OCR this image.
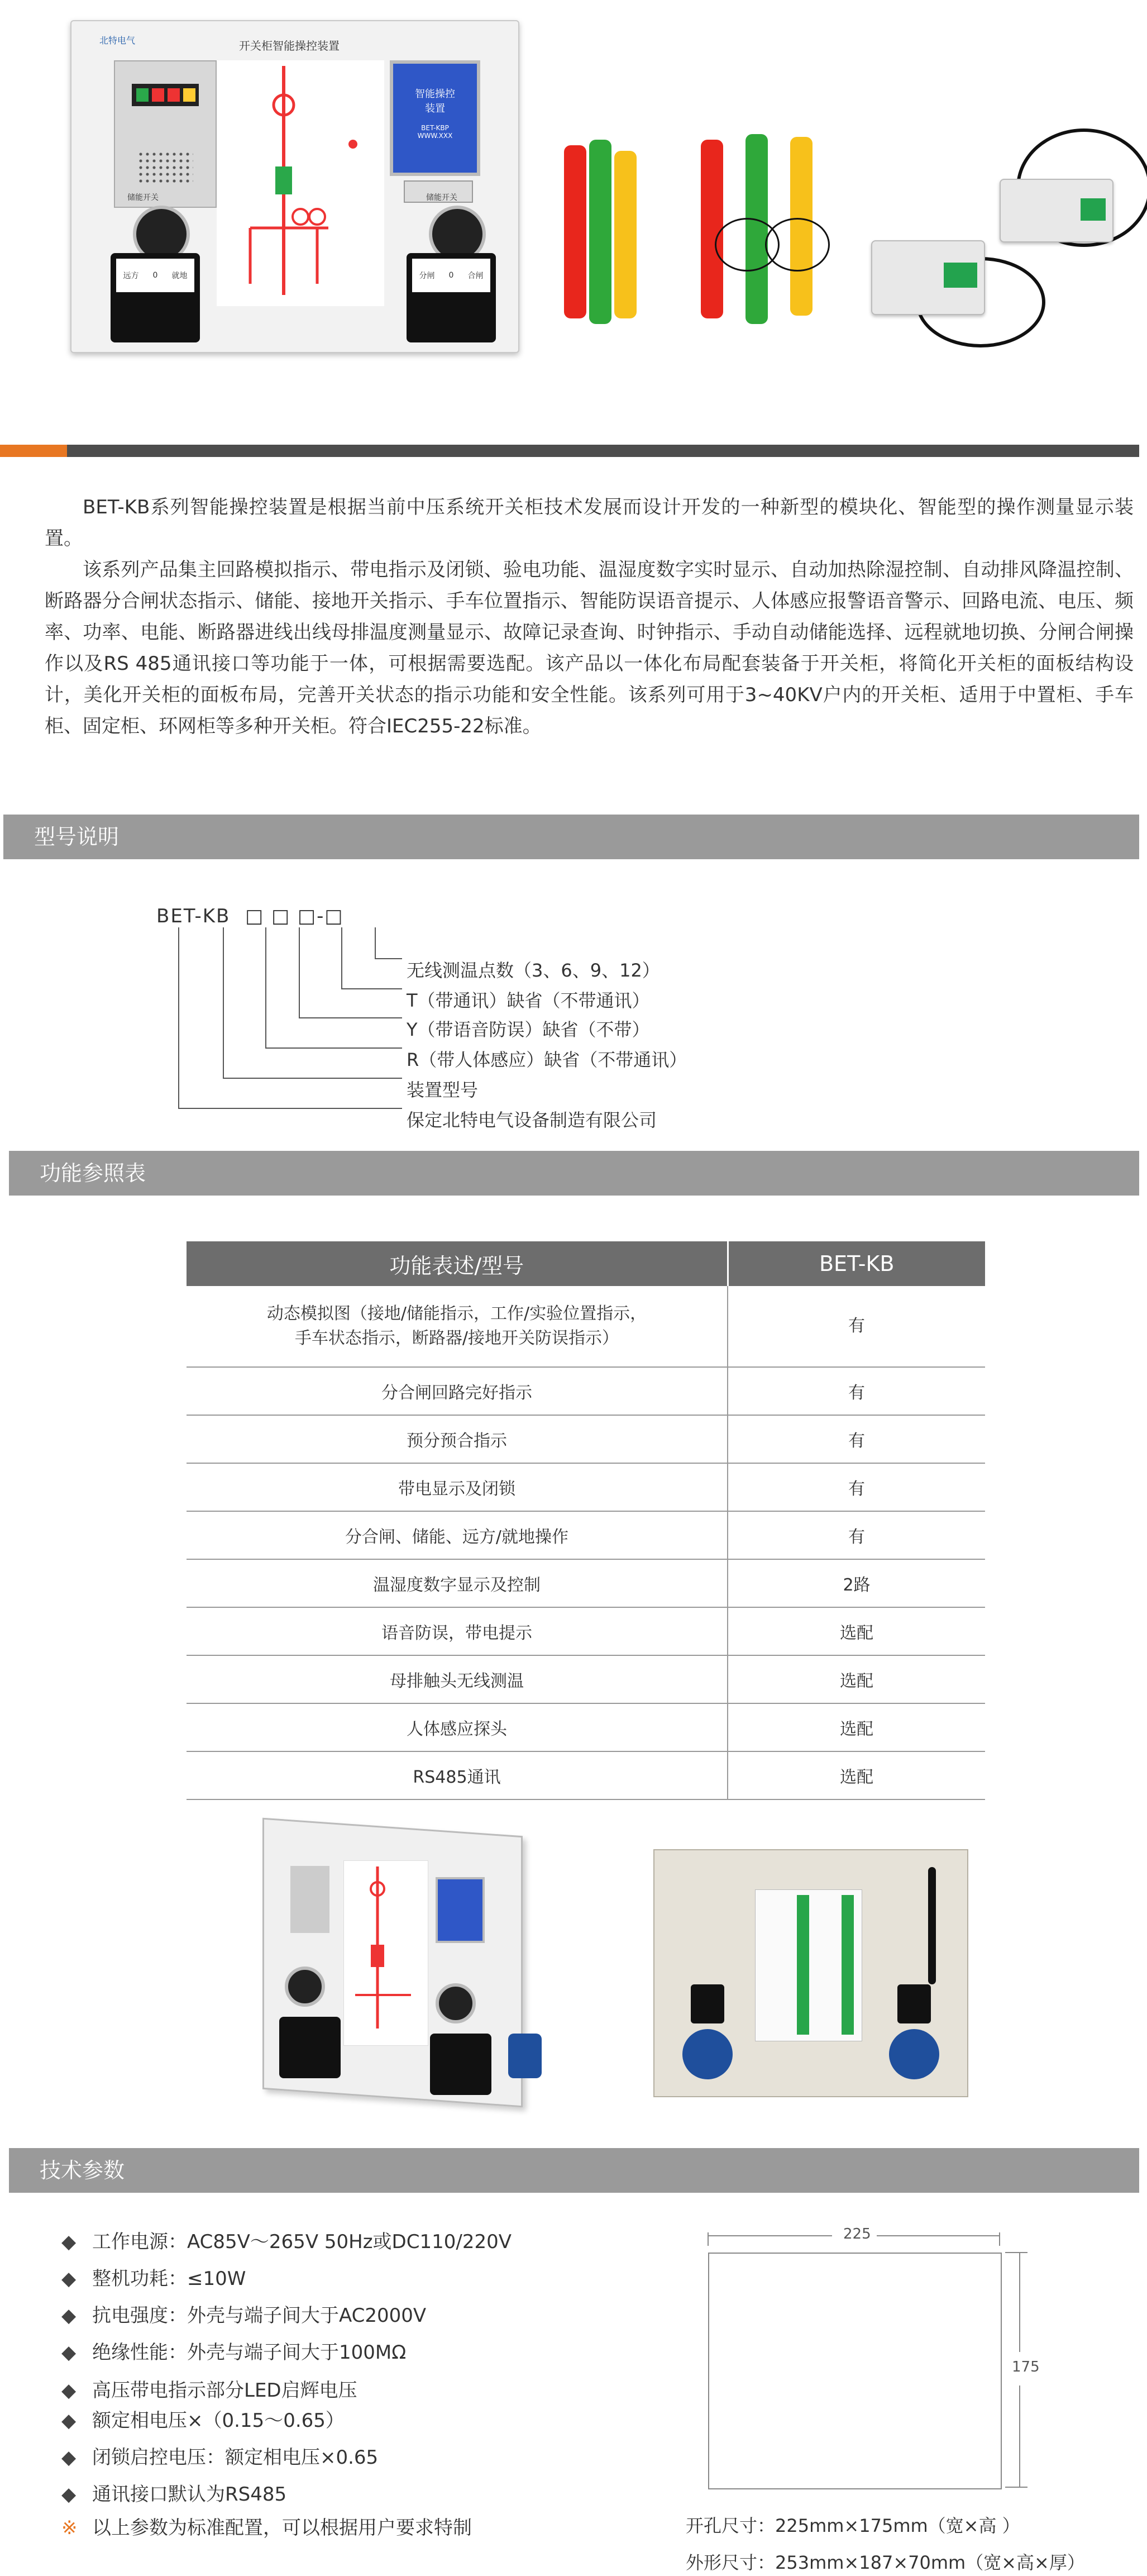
开关柜智能操控装置
北特电气
智能操控
装置
BET-KBP
WWW.XXX
储能开关	储能开关
远方 0 就地	分闸 0 合闸

BET-KB系列智能操控装置是根据当前中压系统开关柜技术发展而设计开发的一种新型的模块化、智能型的操作测量显示装置。

该系列产品集主回路模拟指示、带电指示及闭锁、验电功能、温湿度数字实时显示、自动加热除湿控制、自动排风降温控制、断路器分合闸状态指示、储能、接地开关指示、手车位置指示、智能防误语音提示、人体感应报警语音警示、回路电流、电压、频率、功率、电能、断路器进线出线母排温度测量显示、故障记录查询、时钟指示、手动自动储能选择、远程就地切换、分闸合闸操作以及RS 485通讯接口等功能于一体，可根据需要选配。该产品以一体化布局配套装备于开关柜，将简化开关柜的面板结构设计，美化开关柜的面板布局，完善开关状态的指示功能和安全性能。该系列可用于3~40KV户内的开关柜、适用于中置柜、手车柜、固定柜、环网柜等多种开关柜。符合IEC255-22标准。

型号说明
BET-KB □ □ □-□
无线测温点数（3、6、9、12）
T（带通讯）缺省（不带通讯）
Y（带语音防误）缺省（不带）
R（带人体感应）缺省（不带通讯）
装置型号
保定北特电气设备制造有限公司
功能参照表
功能表述/型号	BET-KB
动态模拟图（接地/储能指示，工作/实验位置指示，
手车状态指示，断路器/接地开关防误指示）	有
分合闸回路完好指示	有
预分预合指示	有
带电显示及闭锁	有
分合闸、储能、远方/就地操作	有
温湿度数字显示及控制	2路
语音防误，带电提示	选配
母排触头无线测温	选配
人体感应探头	选配
RS485通讯	选配
技术参数
◆ 工作电源：AC85V～265V 50Hz或DC110/220V
◆ 整机功耗：≤10W
◆ 抗电强度：外壳与端子间大于AC2000V
◆ 绝缘性能：外壳与端子间大于100MΩ
◆ 高压带电指示部分LED启辉电压
◆ 额定相电压×（0.15～0.65）
◆ 闭锁启控电压：额定相电压×0.65
◆ 通讯接口默认为RS485
※ 以上参数为标准配置，可以根据用户要求特制
225
175
开孔尺寸：225mm×175mm（宽×高 ）
外形尺寸：253mm×187×70mm（宽×高×厚）
